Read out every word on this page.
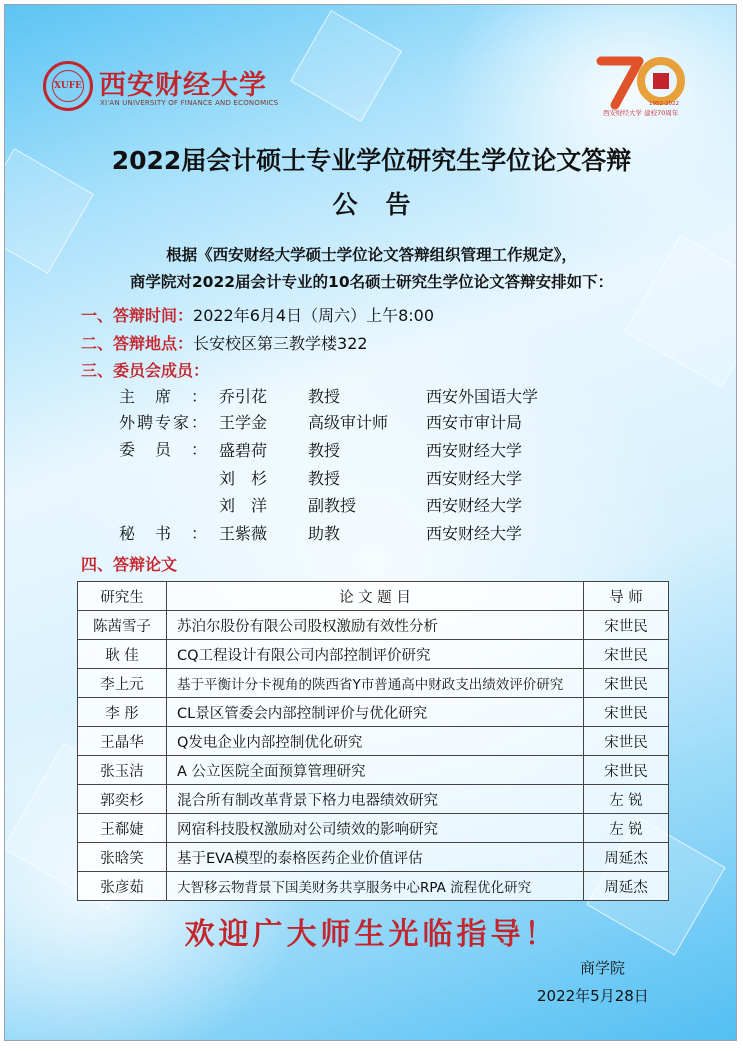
XUFE 西安财经大学
XI'AN UNIVERSITY OF FINANCE AND ECONOMICS
西安财经大学 建校70周年
1952-2022
2022届会计硕士专业学位研究生学位论文答辩
公告
根据《西安财经大学硕士学位论文答辩组织管理工作规定》，
商学院对2022届会计专业的10名硕士研究生学位论文答辩安排如下：
一、答辩时间：2022年6月4日（周六）上午8:00
二、答辩地点：长安校区第三教学楼322
三、委员会成员：
主席： 乔引花	教授	西安外国语大学
外聘专家： 王学金	高级审计师 西安市审计局
委员： 盛碧荷	教授	西安财经大学
刘杉	教授	西安财经大学
刘洋	副教授	西安财经大学
秘书： 王紫薇	助教	西安财经大学
四、答辩论文
研究生	论 文 题 目	导 师
陈茜雪子	苏泊尔股份有限公司股权激励有效性分析	宋世民
耿 佳	CQ工程设计有限公司内部控制评价研究	宋世民
李上元	基于平衡计分卡视角的陕西省Y市普通高中财政支出绩效评价研究	宋世民
李 彤	CL景区管委会内部控制评价与优化研究	宋世民
王晶华	Q发电企业内部控制优化研究	宋世民
张玉洁	A 公立医院全面预算管理研究	宋世民
郭奕杉	混合所有制改革背景下格力电器绩效研究	左 锐
王郗婕	网宿科技股权激励对公司绩效的影响研究	左 锐
张晗笑	基于EVA模型的泰格医药企业价值评估	周延杰
张彦茹	大智移云物背景下国美财务共享服务中心RPA 流程优化研究	周延杰
欢迎广大师生光临指导！
商学院
2022年5月28日
